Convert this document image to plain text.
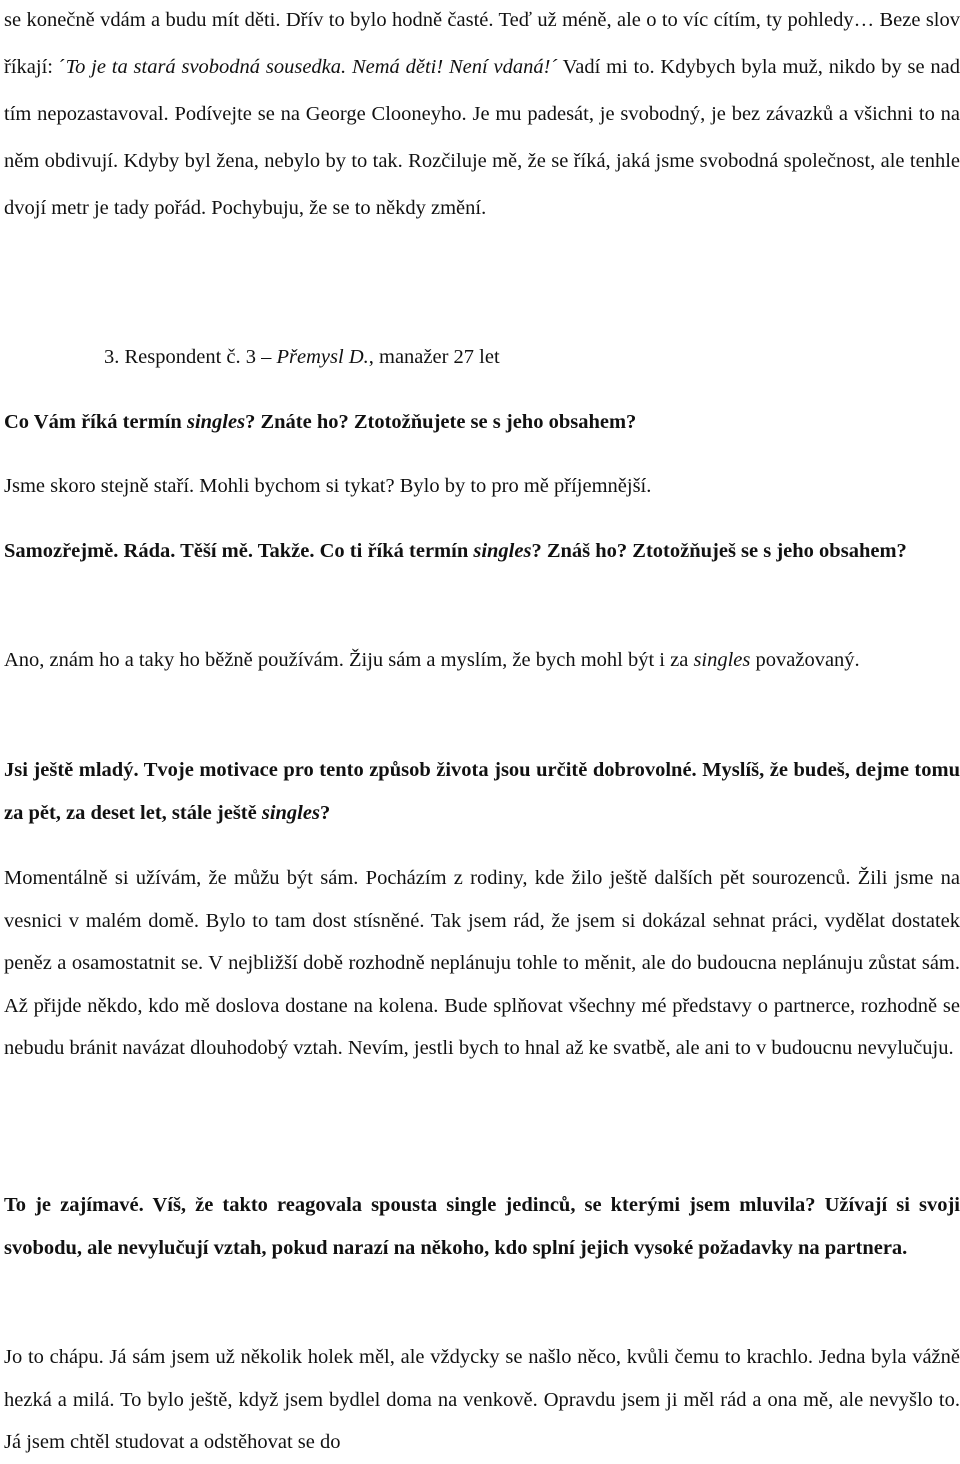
se konečně vdám a budu mít děti. Dřív to bylo hodně časté. Teď už méně, ale o to víc cítím, ty pohledy… Beze slov říkají: ´To je ta stará svobodná sousedka. Nemá děti! Není vdaná!´ Vadí mi to. Kdybych byla muž, nikdo by se nad tím nepozastavoval. Podívejte se na George Clooneyho. Je mu padesát, je svobodný, je bez závazků a všichni to na něm obdivují. Kdyby byl žena, nebylo by to tak. Rozčiluje mě, že se říká, jaká jsme svobodná společnost, ale tenhle dvojí metr je tady pořád. Pochybuju, že se to někdy změní.

3. Respondent č. 3 – Přemysl D., manažer 27 let

Co Vám říká termín singles? Znáte ho? Ztotožňujete se s jeho obsahem?

Jsme skoro stejně staří. Mohli bychom si tykat? Bylo by to pro mě příjemnější.

Samozřejmě. Ráda. Těší mě. Takže. Co ti říká termín singles? Znáš ho? Ztotožňuješ se s jeho obsahem?

Ano, znám ho a taky ho běžně používám. Žiju sám a myslím, že bych mohl být i za singles považovaný.

Jsi ještě mladý. Tvoje motivace pro tento způsob života jsou určitě dobrovolné. Myslíš, že budeš, dejme tomu za pět, za deset let, stále ještě singles?

Momentálně si užívám, že můžu být sám. Pocházím z rodiny, kde žilo ještě dalších pět sourozenců. Žili jsme na vesnici v malém domě. Bylo to tam dost stísněné. Tak jsem rád, že jsem si dokázal sehnat práci, vydělat dostatek peněz a osamostatnit se. V nejbližší době rozhodně neplánuju tohle to měnit, ale do budoucna neplánuju zůstat sám. Až přijde někdo, kdo mě doslova dostane na kolena. Bude splňovat všechny mé představy o partnerce, rozhodně se nebudu bránit navázat dlouhodobý vztah. Nevím, jestli bych to hnal až ke svatbě, ale ani to v budoucnu nevylučuju.

To je zajímavé. Víš, že takto reagovala spousta single jedinců, se kterými jsem mluvila? Užívají si svoji svobodu, ale nevylučují vztah, pokud narazí na někoho, kdo splní jejich vysoké požadavky na partnera.

Jo to chápu. Já sám jsem už několik holek měl, ale vždycky se našlo něco, kvůli čemu to krachlo. Jedna byla vážně hezká a milá. To bylo ještě, když jsem bydlel doma na venkově. Opravdu jsem ji měl rád a ona mě, ale nevyšlo to. Já jsem chtěl studovat a odstěhovat se do
